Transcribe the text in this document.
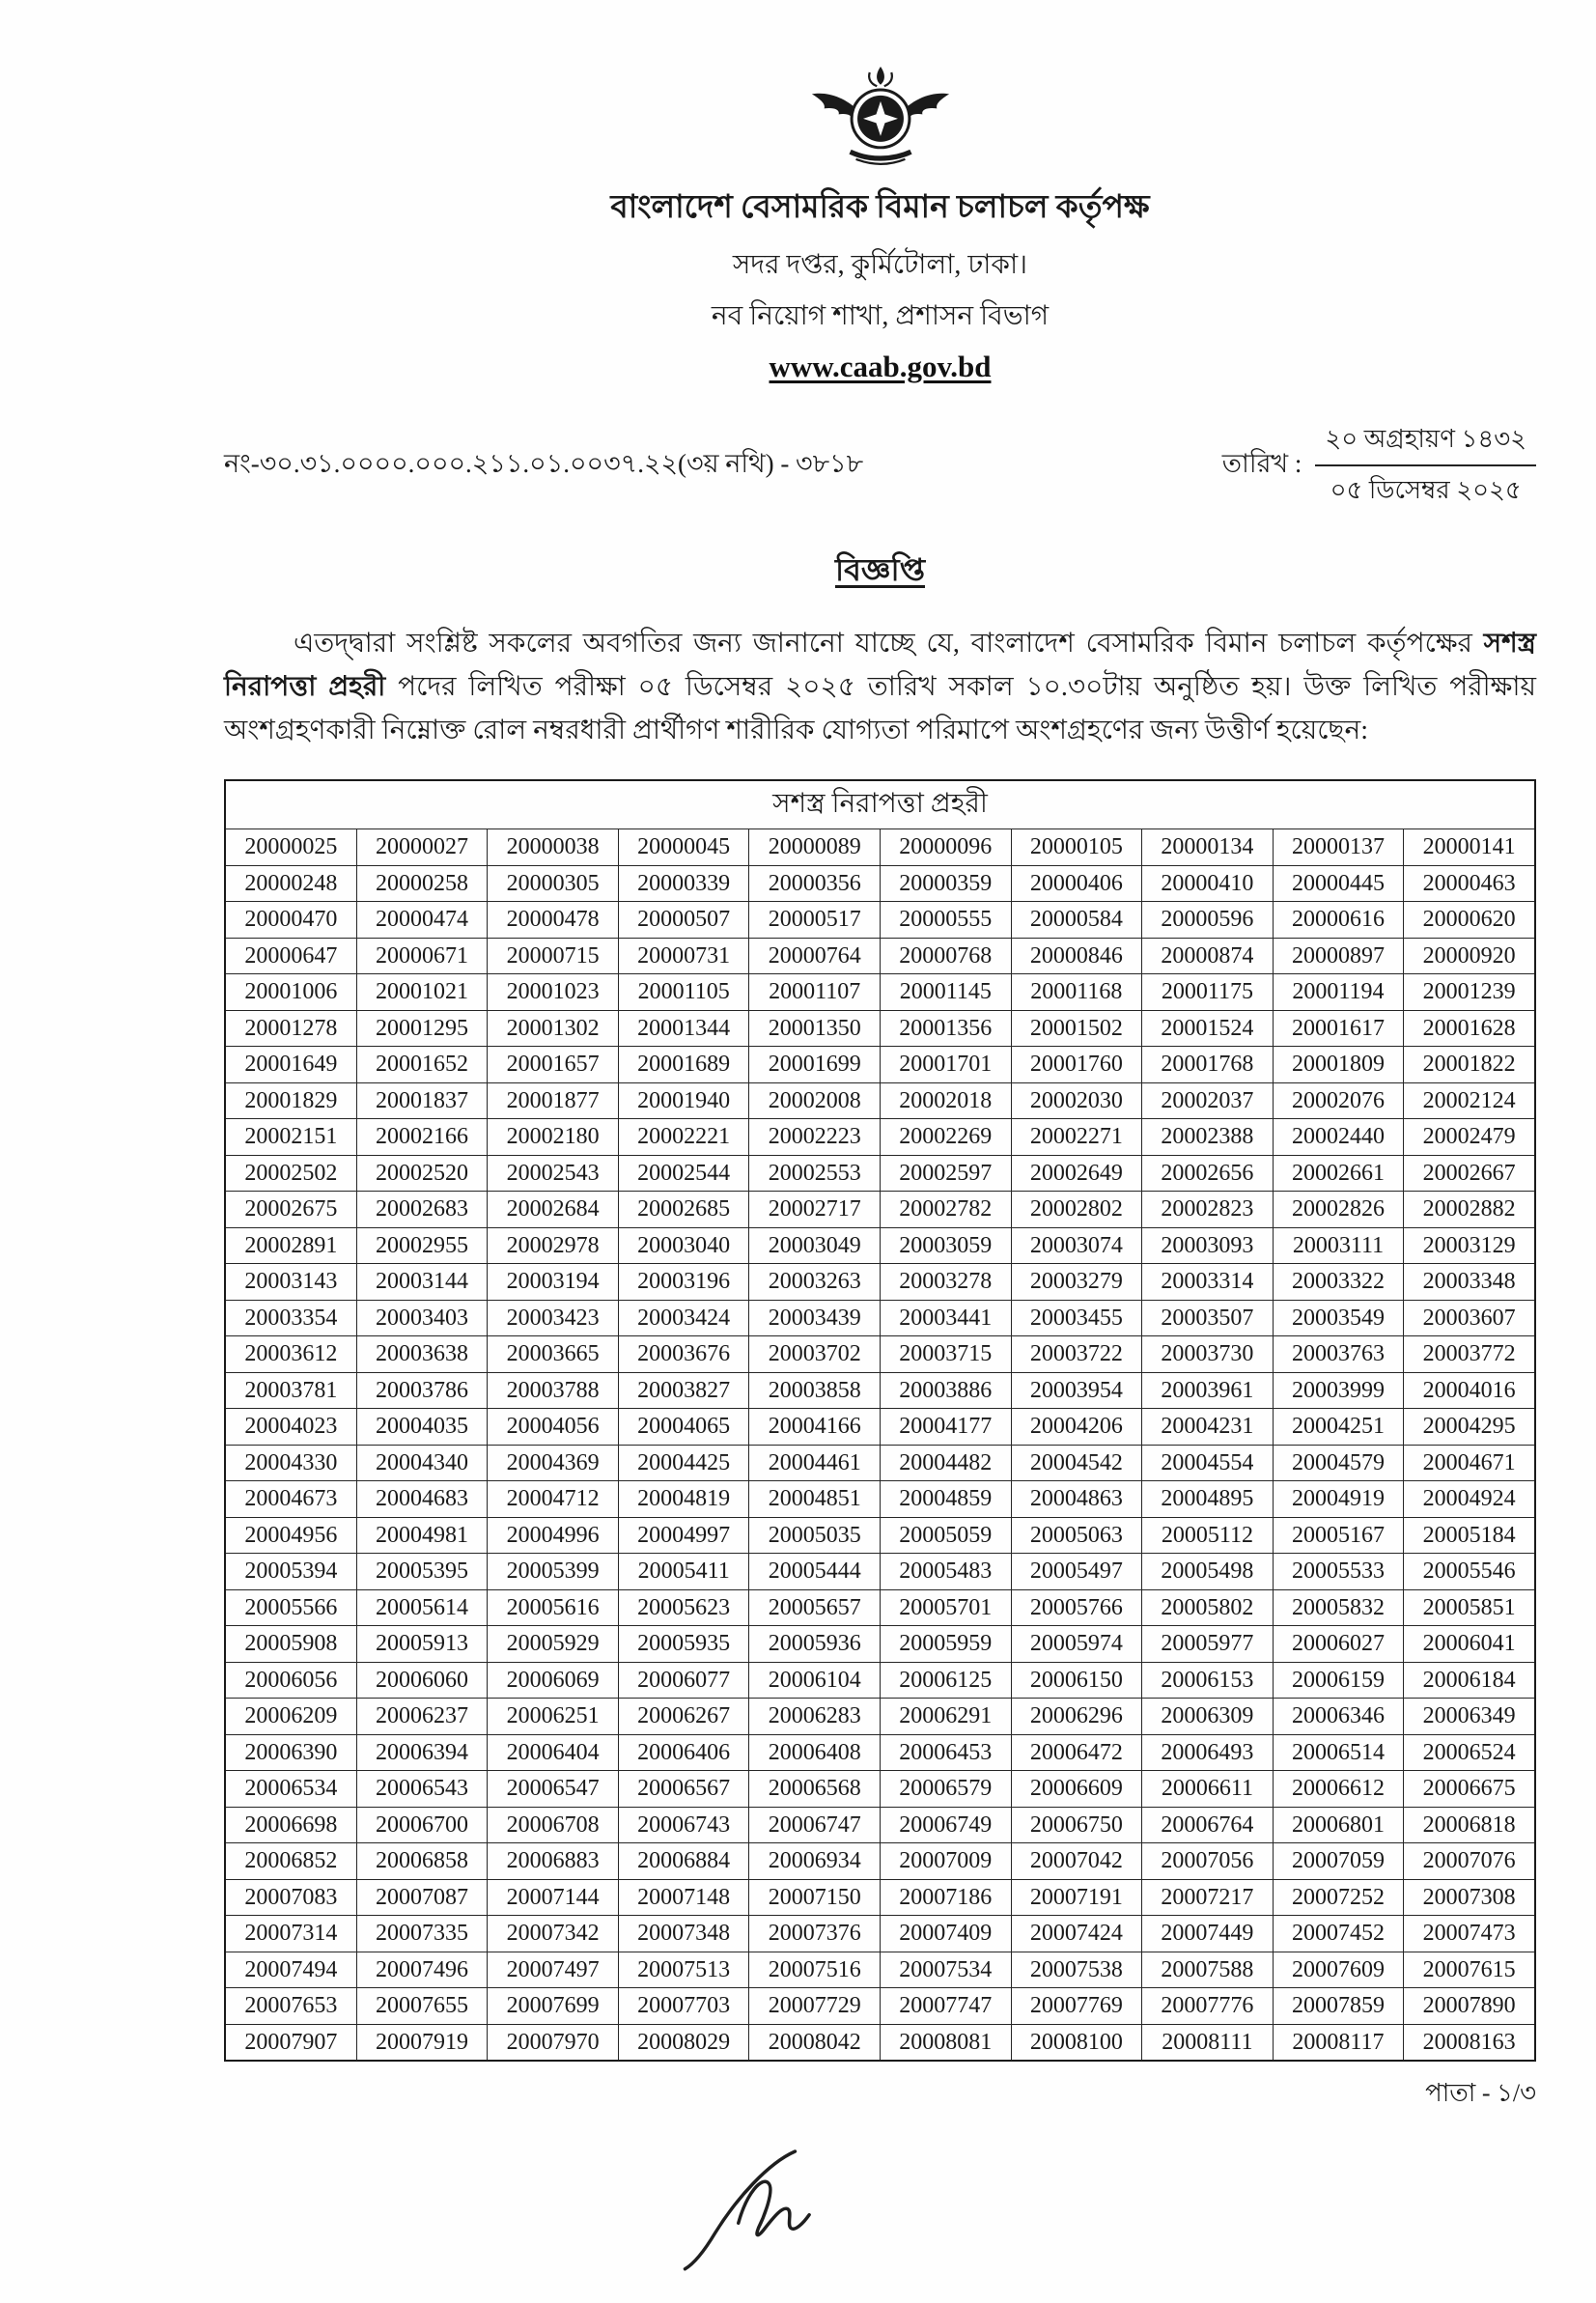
বাংলাদেশ বেসামরিক বিমান চলাচল কর্তৃপক্ষ
সদর দপ্তর, কুর্মিটোলা, ঢাকা।
নব নিয়োগ শাখা, প্রশাসন বিভাগ
www.caab.gov.bd
নং-৩০.৩১.০০০০.০০০.২১১.০১.০০৩৭.২২(৩য় নথি) - ৩৮১৮	তারিখ :
২০ অগ্রহায়ণ ১৪৩২
০৫ ডিসেম্বর ২০২৫
বিজ্ঞপ্তি

এতদ্দ্বারা সংশ্লিষ্ট সকলের অবগতির জন্য জানানো যাচ্ছে যে, বাংলাদেশ বেসামরিক বিমান চলাচল কর্তৃপক্ষের সশস্ত্র নিরাপত্তা প্রহরী পদের লিখিত পরীক্ষা ০৫ ডিসেম্বর ২০২৫ তারিখ সকাল ১০.৩০টায় অনুষ্ঠিত হয়। উক্ত লিখিত পরীক্ষায় অংশগ্রহণকারী নিম্নোক্ত রোল নম্বরধারী প্রার্থীগণ শারীরিক যোগ্যতা পরিমাপে অংশগ্রহণের জন্য উত্তীর্ণ হয়েছেন:

সশস্ত্র নিরাপত্তা প্রহরী									
20000025	20000027	20000038	20000045	20000089	20000096	20000105	20000134	20000137	20000141
20000248	20000258	20000305	20000339	20000356	20000359	20000406	20000410	20000445	20000463
20000470	20000474	20000478	20000507	20000517	20000555	20000584	20000596	20000616	20000620
20000647	20000671	20000715	20000731	20000764	20000768	20000846	20000874	20000897	20000920
20001006	20001021	20001023	20001105	20001107	20001145	20001168	20001175	20001194	20001239
20001278	20001295	20001302	20001344	20001350	20001356	20001502	20001524	20001617	20001628
20001649	20001652	20001657	20001689	20001699	20001701	20001760	20001768	20001809	20001822
20001829	20001837	20001877	20001940	20002008	20002018	20002030	20002037	20002076	20002124
20002151	20002166	20002180	20002221	20002223	20002269	20002271	20002388	20002440	20002479
20002502	20002520	20002543	20002544	20002553	20002597	20002649	20002656	20002661	20002667
20002675	20002683	20002684	20002685	20002717	20002782	20002802	20002823	20002826	20002882
20002891	20002955	20002978	20003040	20003049	20003059	20003074	20003093	20003111	20003129
20003143	20003144	20003194	20003196	20003263	20003278	20003279	20003314	20003322	20003348
20003354	20003403	20003423	20003424	20003439	20003441	20003455	20003507	20003549	20003607
20003612	20003638	20003665	20003676	20003702	20003715	20003722	20003730	20003763	20003772
20003781	20003786	20003788	20003827	20003858	20003886	20003954	20003961	20003999	20004016
20004023	20004035	20004056	20004065	20004166	20004177	20004206	20004231	20004251	20004295
20004330	20004340	20004369	20004425	20004461	20004482	20004542	20004554	20004579	20004671
20004673	20004683	20004712	20004819	20004851	20004859	20004863	20004895	20004919	20004924
20004956	20004981	20004996	20004997	20005035	20005059	20005063	20005112	20005167	20005184
20005394	20005395	20005399	20005411	20005444	20005483	20005497	20005498	20005533	20005546
20005566	20005614	20005616	20005623	20005657	20005701	20005766	20005802	20005832	20005851
20005908	20005913	20005929	20005935	20005936	20005959	20005974	20005977	20006027	20006041
20006056	20006060	20006069	20006077	20006104	20006125	20006150	20006153	20006159	20006184
20006209	20006237	20006251	20006267	20006283	20006291	20006296	20006309	20006346	20006349
20006390	20006394	20006404	20006406	20006408	20006453	20006472	20006493	20006514	20006524
20006534	20006543	20006547	20006567	20006568	20006579	20006609	20006611	20006612	20006675
20006698	20006700	20006708	20006743	20006747	20006749	20006750	20006764	20006801	20006818
20006852	20006858	20006883	20006884	20006934	20007009	20007042	20007056	20007059	20007076
20007083	20007087	20007144	20007148	20007150	20007186	20007191	20007217	20007252	20007308
20007314	20007335	20007342	20007348	20007376	20007409	20007424	20007449	20007452	20007473
20007494	20007496	20007497	20007513	20007516	20007534	20007538	20007588	20007609	20007615
20007653	20007655	20007699	20007703	20007729	20007747	20007769	20007776	20007859	20007890
20007907	20007919	20007970	20008029	20008042	20008081	20008100	20008111	20008117	20008163
পাতা - ১/৩
